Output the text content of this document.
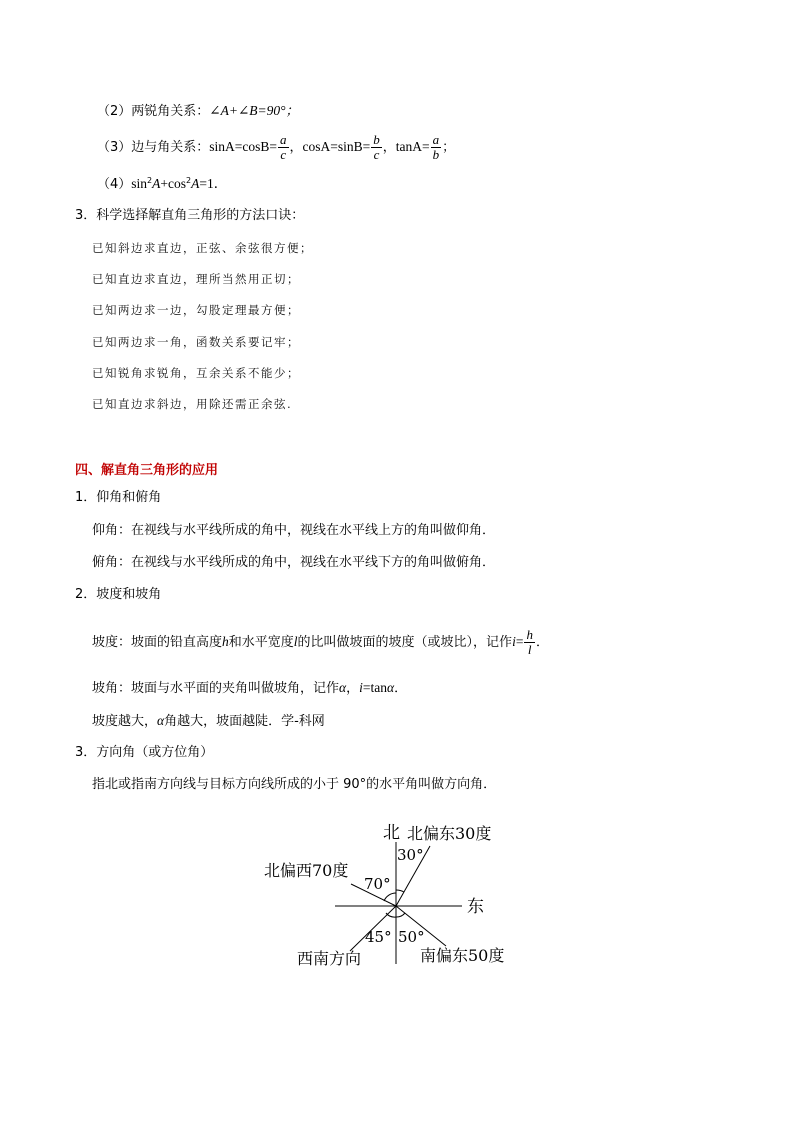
（2）两锐角关系：∠A+∠B=90°；
（3）边与角关系：$\sin A=\cos B= \frac{a}{c}$ ，$\cos A=\sin B= \frac{b}{c}$ ，$\tan A= \frac{a}{b}$ ；
$(4)\sin^2A+\cos^2A=1$．
3．科学选择解直角三角形的方法口诀：
已知斜边求直边，正弦、余弦很方便；
已知直边求直边，理所当然用正切；
已知两边求一边，勾股定理最方便；
已知两边求一角，函数关系要记牢；
已知锐角求锐角，互余关系不能少；
已知直边求斜边，用除还需正余弦.
四、解直角三角形的应用
1．仰角和俯角
仰角：在视线与水平线所成的角中，视线在水平线上方的角叫做仰角．
俯角：在视线与水平线所成的角中，视线在水平线下方的角叫做俯角．
2．坡度和坡角
坡度：坡面的铅直高度h和水平宽度l的比叫做坡面的坡度（或坡比），记作$i= \frac{h}{l}$ ．
坡角：坡面与水平面的夹角叫做坡角，记作α，i=tanα．
坡度越大，α角越大，坡面越陡．学-科网
3．方向角（或方位角）
指北或指南方向线与目标方向线所成的小于 90°的水平角叫做方向角．
北
东
北偏东30度
北偏西70度
南偏东50度
西南方向
30°
70°
45° 50°
